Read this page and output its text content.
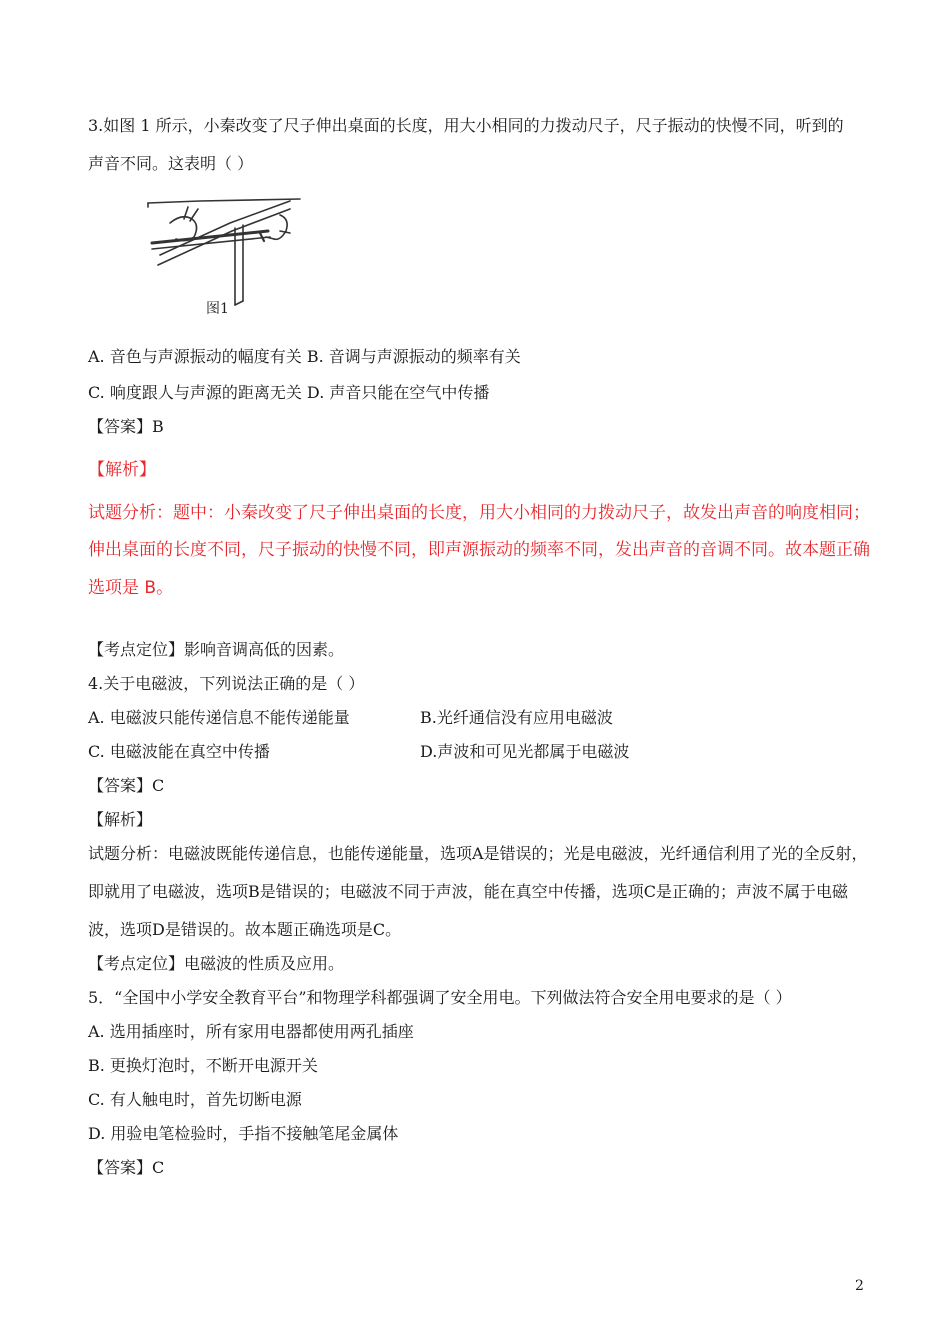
3.如图 1 所示，小秦改变了尺子伸出桌面的长度，用大小相同的力拨动尺子，尺子振动的快慢不同，听到的
声音不同。这表明（ ）
图1
A. 音色与声源振动的幅度有关 B. 音调与声源振动的频率有关
C. 响度跟人与声源的距离无关 D. 声音只能在空气中传播
【答案】B
【解析】
试题分析：题中：小秦改变了尺子伸出桌面的长度，用大小相同的力拨动尺子，故发出声音的响度相同；
伸出桌面的长度不同，尺子振动的快慢不同，即声源振动的频率不同，发出声音的音调不同。故本题正确
选项是 B。
【考点定位】影响音调高低的因素。
4.关于电磁波，下列说法正确的是（ ）
A. 电磁波只能传递信息不能传递能量	B.光纤通信没有应用电磁波
C. 电磁波能在真空中传播	D.声波和可见光都属于电磁波
【答案】C
【解析】
试题分析：电磁波既能传递信息，也能传递能量，选项A是错误的；光是电磁波，光纤通信利用了光的全反射，
即就用了电磁波，选项B是错误的；电磁波不同于声波，能在真空中传播，选项C是正确的；声波不属于电磁
波，选项D是错误的。故本题正确选项是C。
【考点定位】电磁波的性质及应用。
5．“全国中小学安全教育平台”和物理学科都强调了安全用电。下列做法符合安全用电要求的是（ ）
A. 选用插座时，所有家用电器都使用两孔插座
B. 更换灯泡时，不断开电源开关
C. 有人触电时，首先切断电源
D. 用验电笔检验时，手指不接触笔尾金属体
【答案】C
2
